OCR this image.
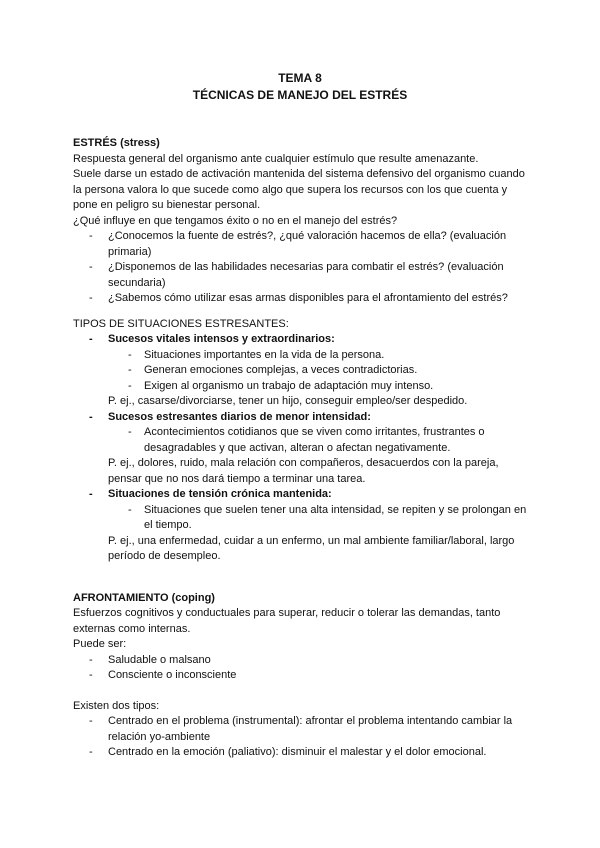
TEMA 8
TÉCNICAS DE MANEJO DEL ESTRÉS

ESTRÉS (stress)

Respuesta general del organismo ante cualquier estímulo que resulte amenazante.

Suele darse un estado de activación mantenida del sistema defensivo del organismo cuando la persona valora lo que sucede como algo que supera los recursos con los que cuenta y pone en peligro su bienestar personal.

¿Qué influye en que tengamos éxito o no en el manejo del estrés?

- ¿Conocemos la fuente de estrés?, ¿qué valoración hacemos de ella? (evaluación primaria)

- ¿Disponemos de las habilidades necesarias para combatir el estrés? (evaluación secundaria)

- ¿Sabemos cómo utilizar esas armas disponibles para el afrontamiento del estrés?

TIPOS DE SITUACIONES ESTRESANTES:

- Sucesos vitales intensos y extraordinarios:

- Situaciones importantes en la vida de la persona.

- Generan emociones complejas, a veces contradictorias.

- Exigen al organismo un trabajo de adaptación muy intenso.

P. ej., casarse/divorciarse, tener un hijo, conseguir empleo/ser despedido.

- Sucesos estresantes diarios de menor intensidad:

- Acontecimientos cotidianos que se viven como irritantes, frustrantes o desagradables y que activan, alteran o afectan negativamente.

P. ej., dolores, ruido, mala relación con compañeros, desacuerdos con la pareja, pensar que no nos dará tiempo a terminar una tarea.

- Situaciones de tensión crónica mantenida:

- Situaciones que suelen tener una alta intensidad, se repiten y se prolongan en el tiempo.

P. ej., una enfermedad, cuidar a un enfermo, un mal ambiente familiar/laboral, largo período de desempleo.

AFRONTAMIENTO (coping)

Esfuerzos cognitivos y conductuales para superar, reducir o tolerar las demandas, tanto externas como internas.

Puede ser:

- Saludable o malsano

- Consciente o inconsciente

Existen dos tipos:

- Centrado en el problema (instrumental): afrontar el problema intentando cambiar la relación yo-ambiente

- Centrado en la emoción (paliativo): disminuir el malestar y el dolor emocional.
